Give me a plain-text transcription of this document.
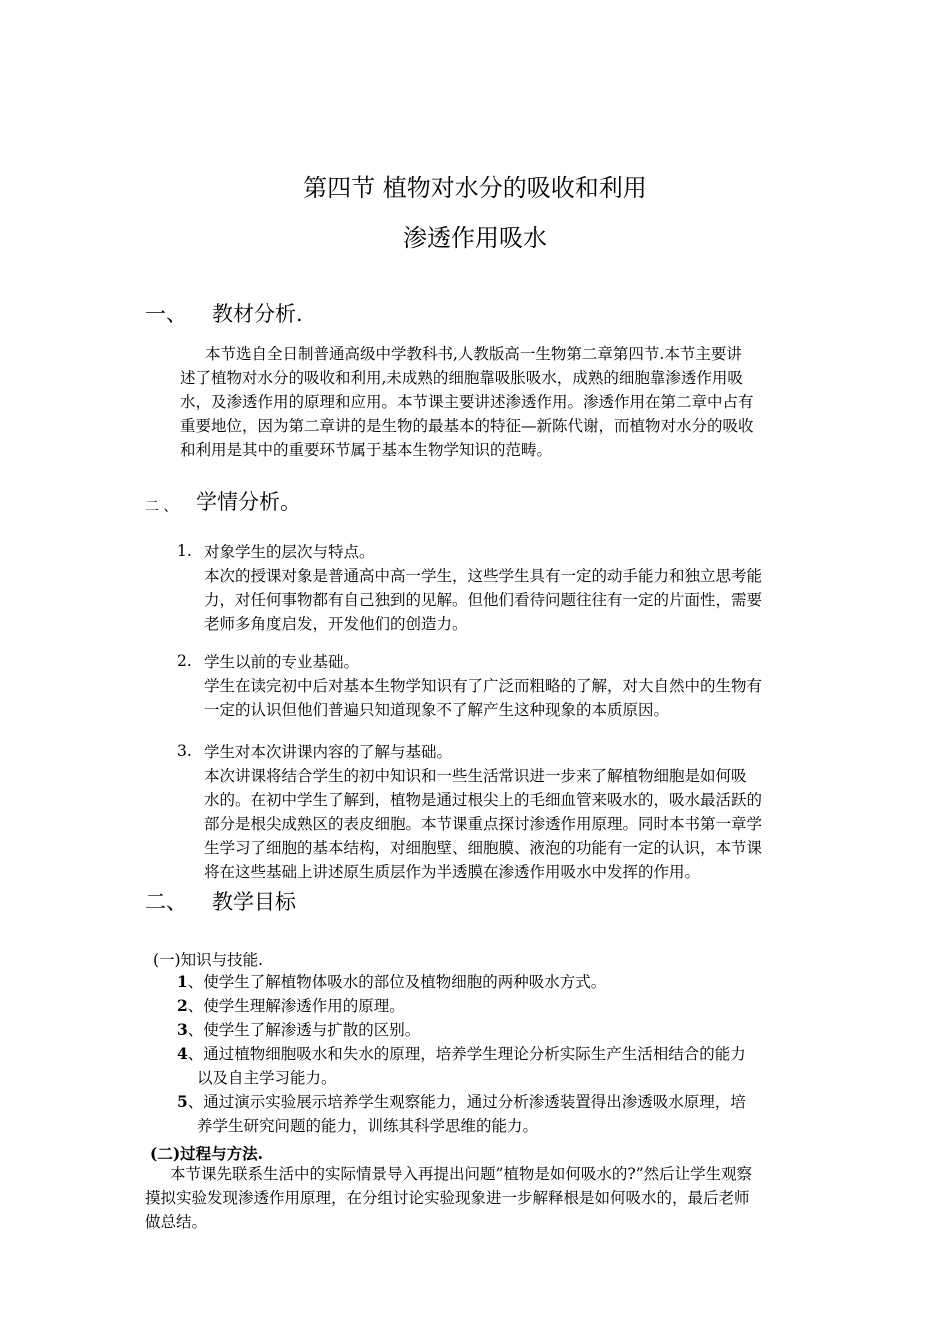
第四节 植物对水分的吸收和利用
渗透作用吸水
一、 教材分析.
本节选自全日制普通高级中学教科书,人教版高一生物第二章第四节.本节主要讲
述了植物对水分的吸收和利用,未成熟的细胞靠吸胀吸水，成熟的细胞靠渗透作用吸
水，及渗透作用的原理和应用。本节课主要讲述渗透作用。渗透作用在第二章中占有
重要地位，因为第二章讲的是生物的最基本的特征—新陈代谢，而植物对水分的吸收
和利用是其中的重要环节属于基本生物学知识的范畴。
二 、 学情分析。
1. 对象学生的层次与特点。
本次的授课对象是普通高中高一学生，这些学生具有一定的动手能力和独立思考能
力，对任何事物都有自己独到的见解。但他们看待问题往往有一定的片面性，需要
老师多角度启发，开发他们的创造力。
2. 学生以前的专业基础。
学生在读完初中后对基本生物学知识有了广泛而粗略的了解，对大自然中的生物有
一定的认识但他们普遍只知道现象不了解产生这种现象的本质原因。
3. 学生对本次讲课内容的了解与基础。
本次讲课将结合学生的初中知识和一些生活常识进一步来了解植物细胞是如何吸
水的。在初中学生了解到，植物是通过根尖上的毛细血管来吸水的，吸水最活跃的
部分是根尖成熟区的表皮细胞。本节课重点探讨渗透作用原理。同时本书第一章学
生学习了细胞的基本结构，对细胞壁、细胞膜、液泡的功能有一定的认识，本节课
将在这些基础上讲述原生质层作为半透膜在渗透作用吸水中发挥的作用。
二、 教学目标
(一)知识与技能.
1、使学生了解植物体吸水的部位及植物细胞的两种吸水方式。
2、使学生理解渗透作用的原理。
3、使学生了解渗透与扩散的区别。
4、通过植物细胞吸水和失水的原理，培养学生理论分析实际生产生活相结合的能力
以及自主学习能力。
5、通过演示实验展示培养学生观察能力，通过分析渗透装置得出渗透吸水原理，培
养学生研究问题的能力，训练其科学思维的能力。
(二)过程与方法.
本节课先联系生活中的实际情景导入再提出问题”植物是如何吸水的?”然后让学生观察
摸拟实验发现渗透作用原理，在分组讨论实验现象进一步解释根是如何吸水的，最后老师
做总结。
